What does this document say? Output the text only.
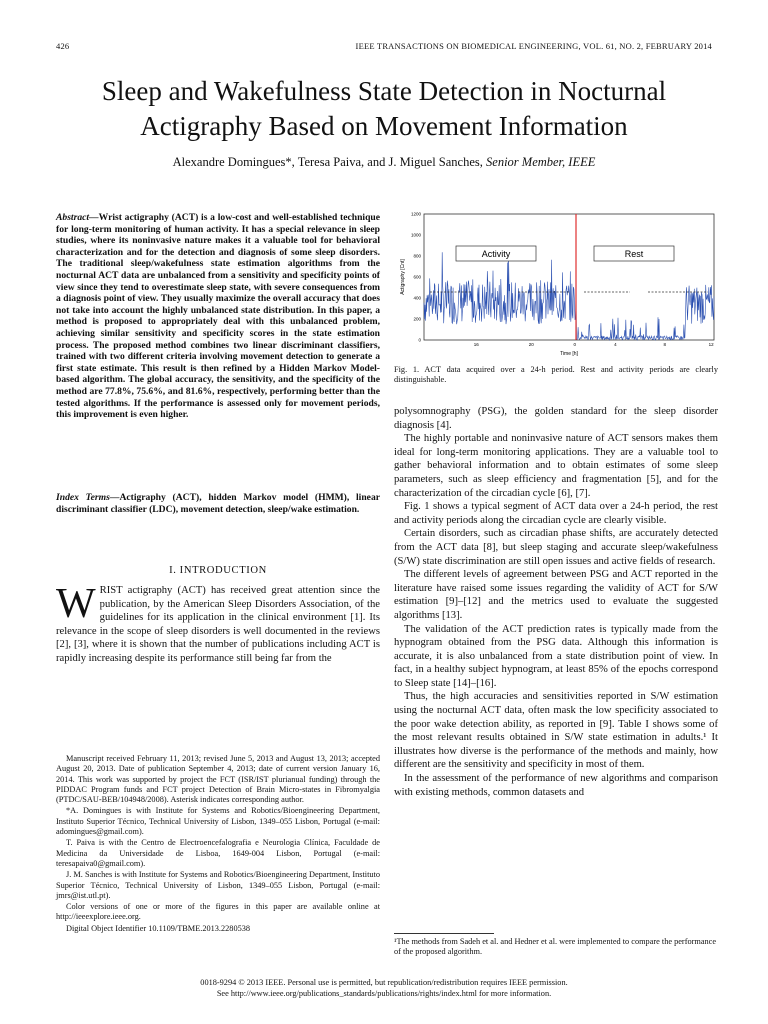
426	IEEE TRANSACTIONS ON BIOMEDICAL ENGINEERING, VOL. 61, NO. 2, FEBRUARY 2014
Sleep and Wakefulness State Detection in Nocturnal Actigraphy Based on Movement Information
Alexandre Domingues*, Teresa Paiva, and J. Miguel Sanches, Senior Member, IEEE
Abstract—Wrist actigraphy (ACT) is a low-cost and well-established technique for long-term monitoring of human activity. It has a special relevance in sleep studies, where its noninvasive nature makes it a valuable tool for behavioral characterization and for the detection and diagnosis of some sleep disorders. The traditional sleep/wakefulness state estimation algorithms from the nocturnal ACT data are unbalanced from a sensitivity and specificity points of view since they tend to overestimate sleep state, with severe consequences from a diagnosis point of view. They usually maximize the overall accuracy that does not take into account the highly unbalanced state distribution. In this paper, a method is proposed to appropriately deal with this unbalanced problem, achieving similar sensitivity and specificity scores in the state estimation process. The proposed method combines two linear discriminant classifiers, trained with two different criteria involving movement detection to generate a first state estimate. This result is then refined by a Hidden Markov Model-based algorithm. The global accuracy, the sensitivity, and the specificity of the method are 77.8%, 75.6%, and 81.6%, respectively, performing better than the tested algorithms. If the performance is assessed only for movement periods, this improvement is even higher.
Index Terms—Actigraphy (ACT), hidden Markov model (HMM), linear discriminant classifier (LDC), movement detection, sleep/wake estimation.
I. INTRODUCTION
WRIST actigraphy (ACT) has received great attention since the publication, by the American Sleep Disorders Association, of the guidelines for its application in the clinical environment [1]. Its relevance in the scope of sleep disorders is well documented in the reviews [2], [3], where it is shown that the number of publications including ACT is rapidly increasing despite its performance still being far from the

Manuscript received February 11, 2013; revised June 5, 2013 and August 13, 2013; accepted August 20, 2013. Date of publication September 4, 2013; date of current version January 16, 2014. This work was supported by project the FCT (ISR/IST plurianual funding) through the PIDDAC Program funds and FCT project Detection of Brain Micro-states in Fibromyalgia (PTDC/SAU-BEB/104948/2008). Asterisk indicates corresponding author.

*A. Domingues is with Institute for Systems and Robotics/Bioengineering Department, Instituto Superior Técnico, Technical University of Lisbon, 1349–055 Lisbon, Portugal (e-mail: adomingues@gmail.com).

T. Paiva is with the Centro de Electroencefalografia e Neurologia Clínica, Faculdade de Medicina da Universidade de Lisboa, 1649-004 Lisbon, Portugal (e-mail: teresapaiva0@gmail.com).

J. M. Sanches is with Institute for Systems and Robotics/Bioengineering Department, Instituto Superior Técnico, Technical University of Lisbon, 1349–055 Lisbon, Portugal (e-mail: jmrs@ist.utl.pt).

Color versions of one or more of the figures in this paper are available online at http://ieeexplore.ieee.org.

Digital Object Identifier 10.1109/TBME.2013.2280538

0
200
400
600
800
1000
1200
16	20	0	4	8	12
Activity	Rest
Actigraphy [Cnt]
Time [h]
Fig. 1. ACT data acquired over a 24-h period. Rest and activity periods are clearly distinguishable.

polysomnography (PSG), the golden standard for the sleep disorder diagnosis [4].

The highly portable and noninvasive nature of ACT sensors makes them ideal for long-term monitoring applications. They are a valuable tool to gather behavioral information and to obtain estimates of some sleep parameters, such as sleep efficiency and fragmentation [5], and for the characterization of the circadian cycle [6], [7].

Fig. 1 shows a typical segment of ACT data over a 24-h period, the rest and activity periods along the circadian cycle are clearly visible.

Certain disorders, such as circadian phase shifts, are accurately detected from the ACT data [8], but sleep staging and accurate sleep/wakefulness (S/W) state discrimination are still open issues and active fields of research.

The different levels of agreement between PSG and ACT reported in the literature have raised some issues regarding the validity of ACT for S/W estimation [9]–[12] and the metrics used to evaluate the suggested algorithms [13].

The validation of the ACT prediction rates is typically made from the hypnogram obtained from the PSG data. Although this information is accurate, it is also unbalanced from a state distribution point of view. In fact, in a healthy subject hypnogram, at least 85% of the epochs correspond to Sleep state [14]–[16].

Thus, the high accuracies and sensitivities reported in S/W estimation using the nocturnal ACT data, often mask the low specificity associated to the poor wake detection ability, as reported in [9]. Table I shows some of the most relevant results obtained in S/W state estimation in adults.¹ It illustrates how diverse is the performance of the methods and mainly, how different are the sensitivity and specificity in most of them.

In the assessment of the performance of new algorithms and comparison with existing methods, common datasets and

¹The methods from Sadeh et al. and Hedner et al. were implemented to compare the performance of the proposed algorithm.
0018-9294 © 2013 IEEE. Personal use is permitted, but republication/redistribution requires IEEE permission.
See http://www.ieee.org/publications_standards/publications/rights/index.html for more information.
